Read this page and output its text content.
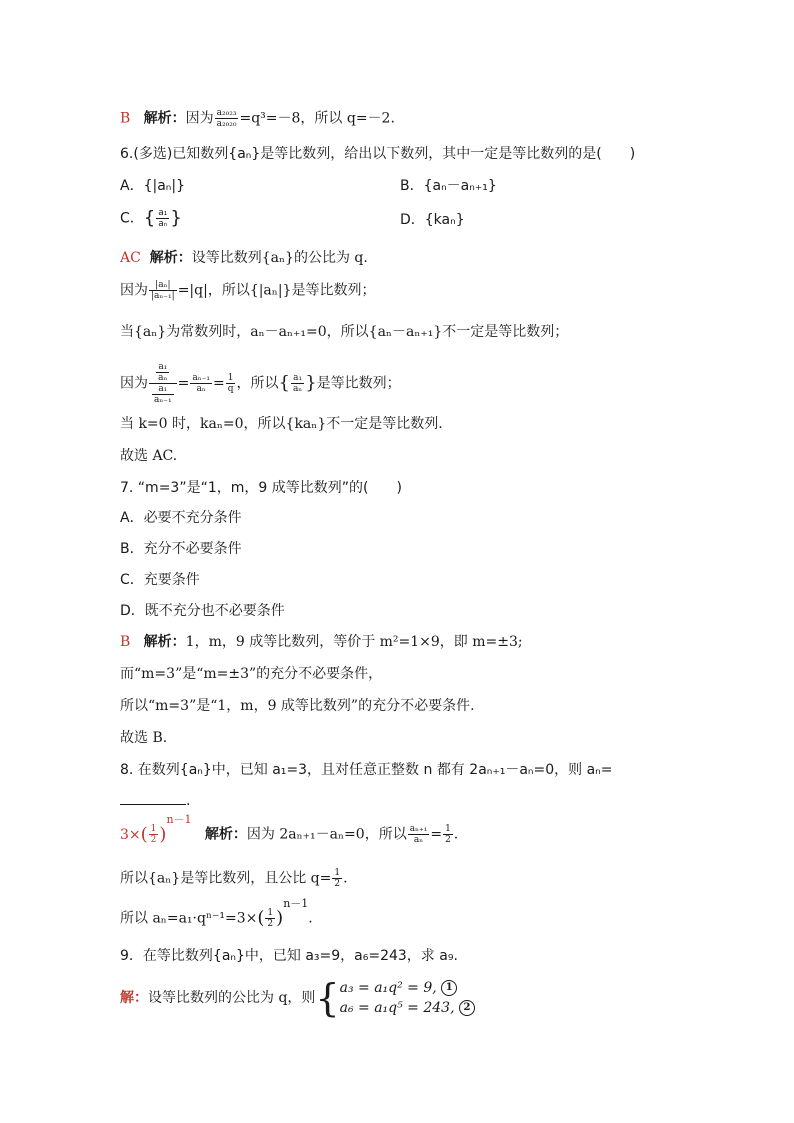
B 解析：因为 $\frac{\text{a₂₀₂₃}}{\text{a₂₀₂₀}} =q^3=-8$，所以 q=－2.
6.(多选)已知数列{aₙ}是等比数列，给出以下数列，其中一定是等比数列的是(　　)
A．{|aₙ|}	B．{aₙ－aₙ₊₁}
C．{ $\frac{\text{a₁}}{\text{aₙ}}$ }	D．{kaₙ}
AC 解析：设等比数列{aₙ}的公比为 q.
因为 $\frac{\text{|aₙ|}}{\text{|aₙ₋₁|}} =|q|$，所以{|aₙ|}是等比数列；
当{aₙ}为常数列时，aₙ－aₙ₊₁=0，所以{aₙ－aₙ₊₁}不一定是等比数列；
因为 $\frac{\frac{\text{a₁}}{\text{aₙ}}}{\frac{\text{a₁}}{\text{aₙ₋₁}}} = \frac{\text{aₙ₋₁}}{\text{aₙ}} = \frac{1}{q}$ ，所以{ $\frac{\text{a₁}}{\text{aₙ}}$ }是等比数列；
当 k=0 时，kaₙ=0，所以{kaₙ}不一定是等比数列.
故选 AC.
7. “m=3”是“1，m，9 成等比数列”的(　　)
A．必要不充分条件
B．充分不必要条件
C．充要条件
D．既不充分也不必要条件
B 解析：1，m，9 成等比数列，等价于 m²=1×9，即 m=±3;
而“m=3”是“m=±3”的充分不必要条件，
所以“m=3”是“1，m，9 成等比数列”的充分不必要条件.
故选 B.
8. 在数列{aₙ}中，已知 a₁=3，且对任意正整数 n 都有 2aₙ₊₁－aₙ=0，则 aₙ=
.
$3\times( \frac{1}{2} )^{n-1}$   解析：因为 2aₙ₊₁－aₙ=0，所以 $\frac{\text{aₙ₊₁}}{\text{aₙ}} = \frac{1}{2}$ .
所以{aₙ}是等比数列，且公比 $q= \frac{1}{2}$ .
所以 $a_n=a_1\cdot q^{n-1}=3\times( \frac{1}{2} )^{n-1}$.
9．在等比数列{aₙ}中，已知 a₃=9，a₆=243，求 a₉.
解：设等比数列的公比为 q，则{ a₃ = a₁q² = 9, 1
a₆ = a₁q⁵ = 243, 2
